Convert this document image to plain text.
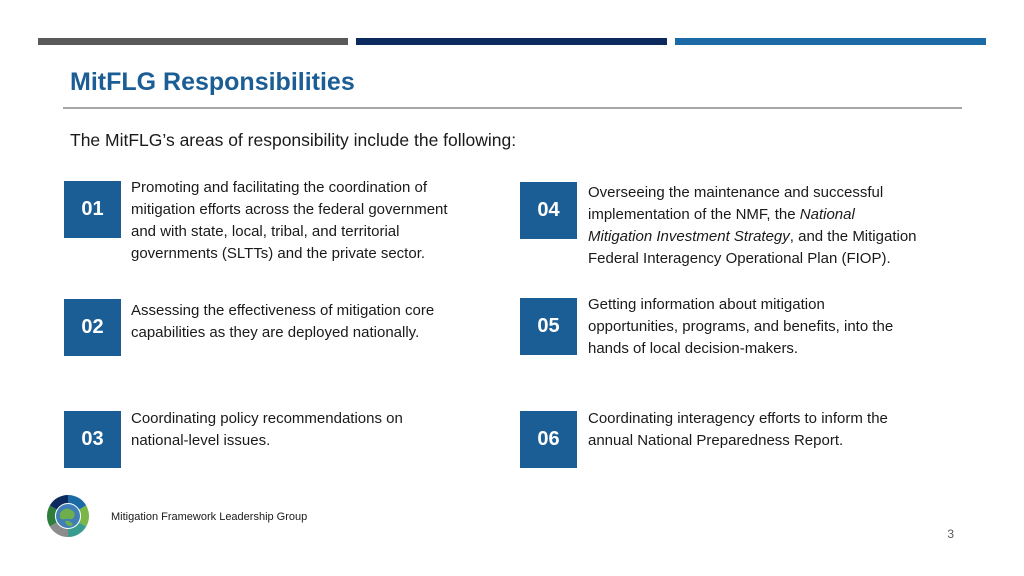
MitFLG Responsibilities
The MitFLG’s areas of responsibility include the following:
01
Promoting and facilitating the coordination of
mitigation efforts across the federal government
and with state, local, tribal, and territorial
governments (SLTTs) and the private sector.
02
Assessing the effectiveness of mitigation core
capabilities as they are deployed nationally.
03
Coordinating policy recommendations on
national-level issues.
04
Overseeing the maintenance and successful
implementation of the NMF, the National
Mitigation Investment Strategy, and the Mitigation
Federal Interagency Operational Plan (FIOP).
05
Getting information about mitigation
opportunities, programs, and benefits, into the
hands of local decision-makers.
06
Coordinating interagency efforts to inform the
annual National Preparedness Report.
Mitigation Framework Leadership Group
3
